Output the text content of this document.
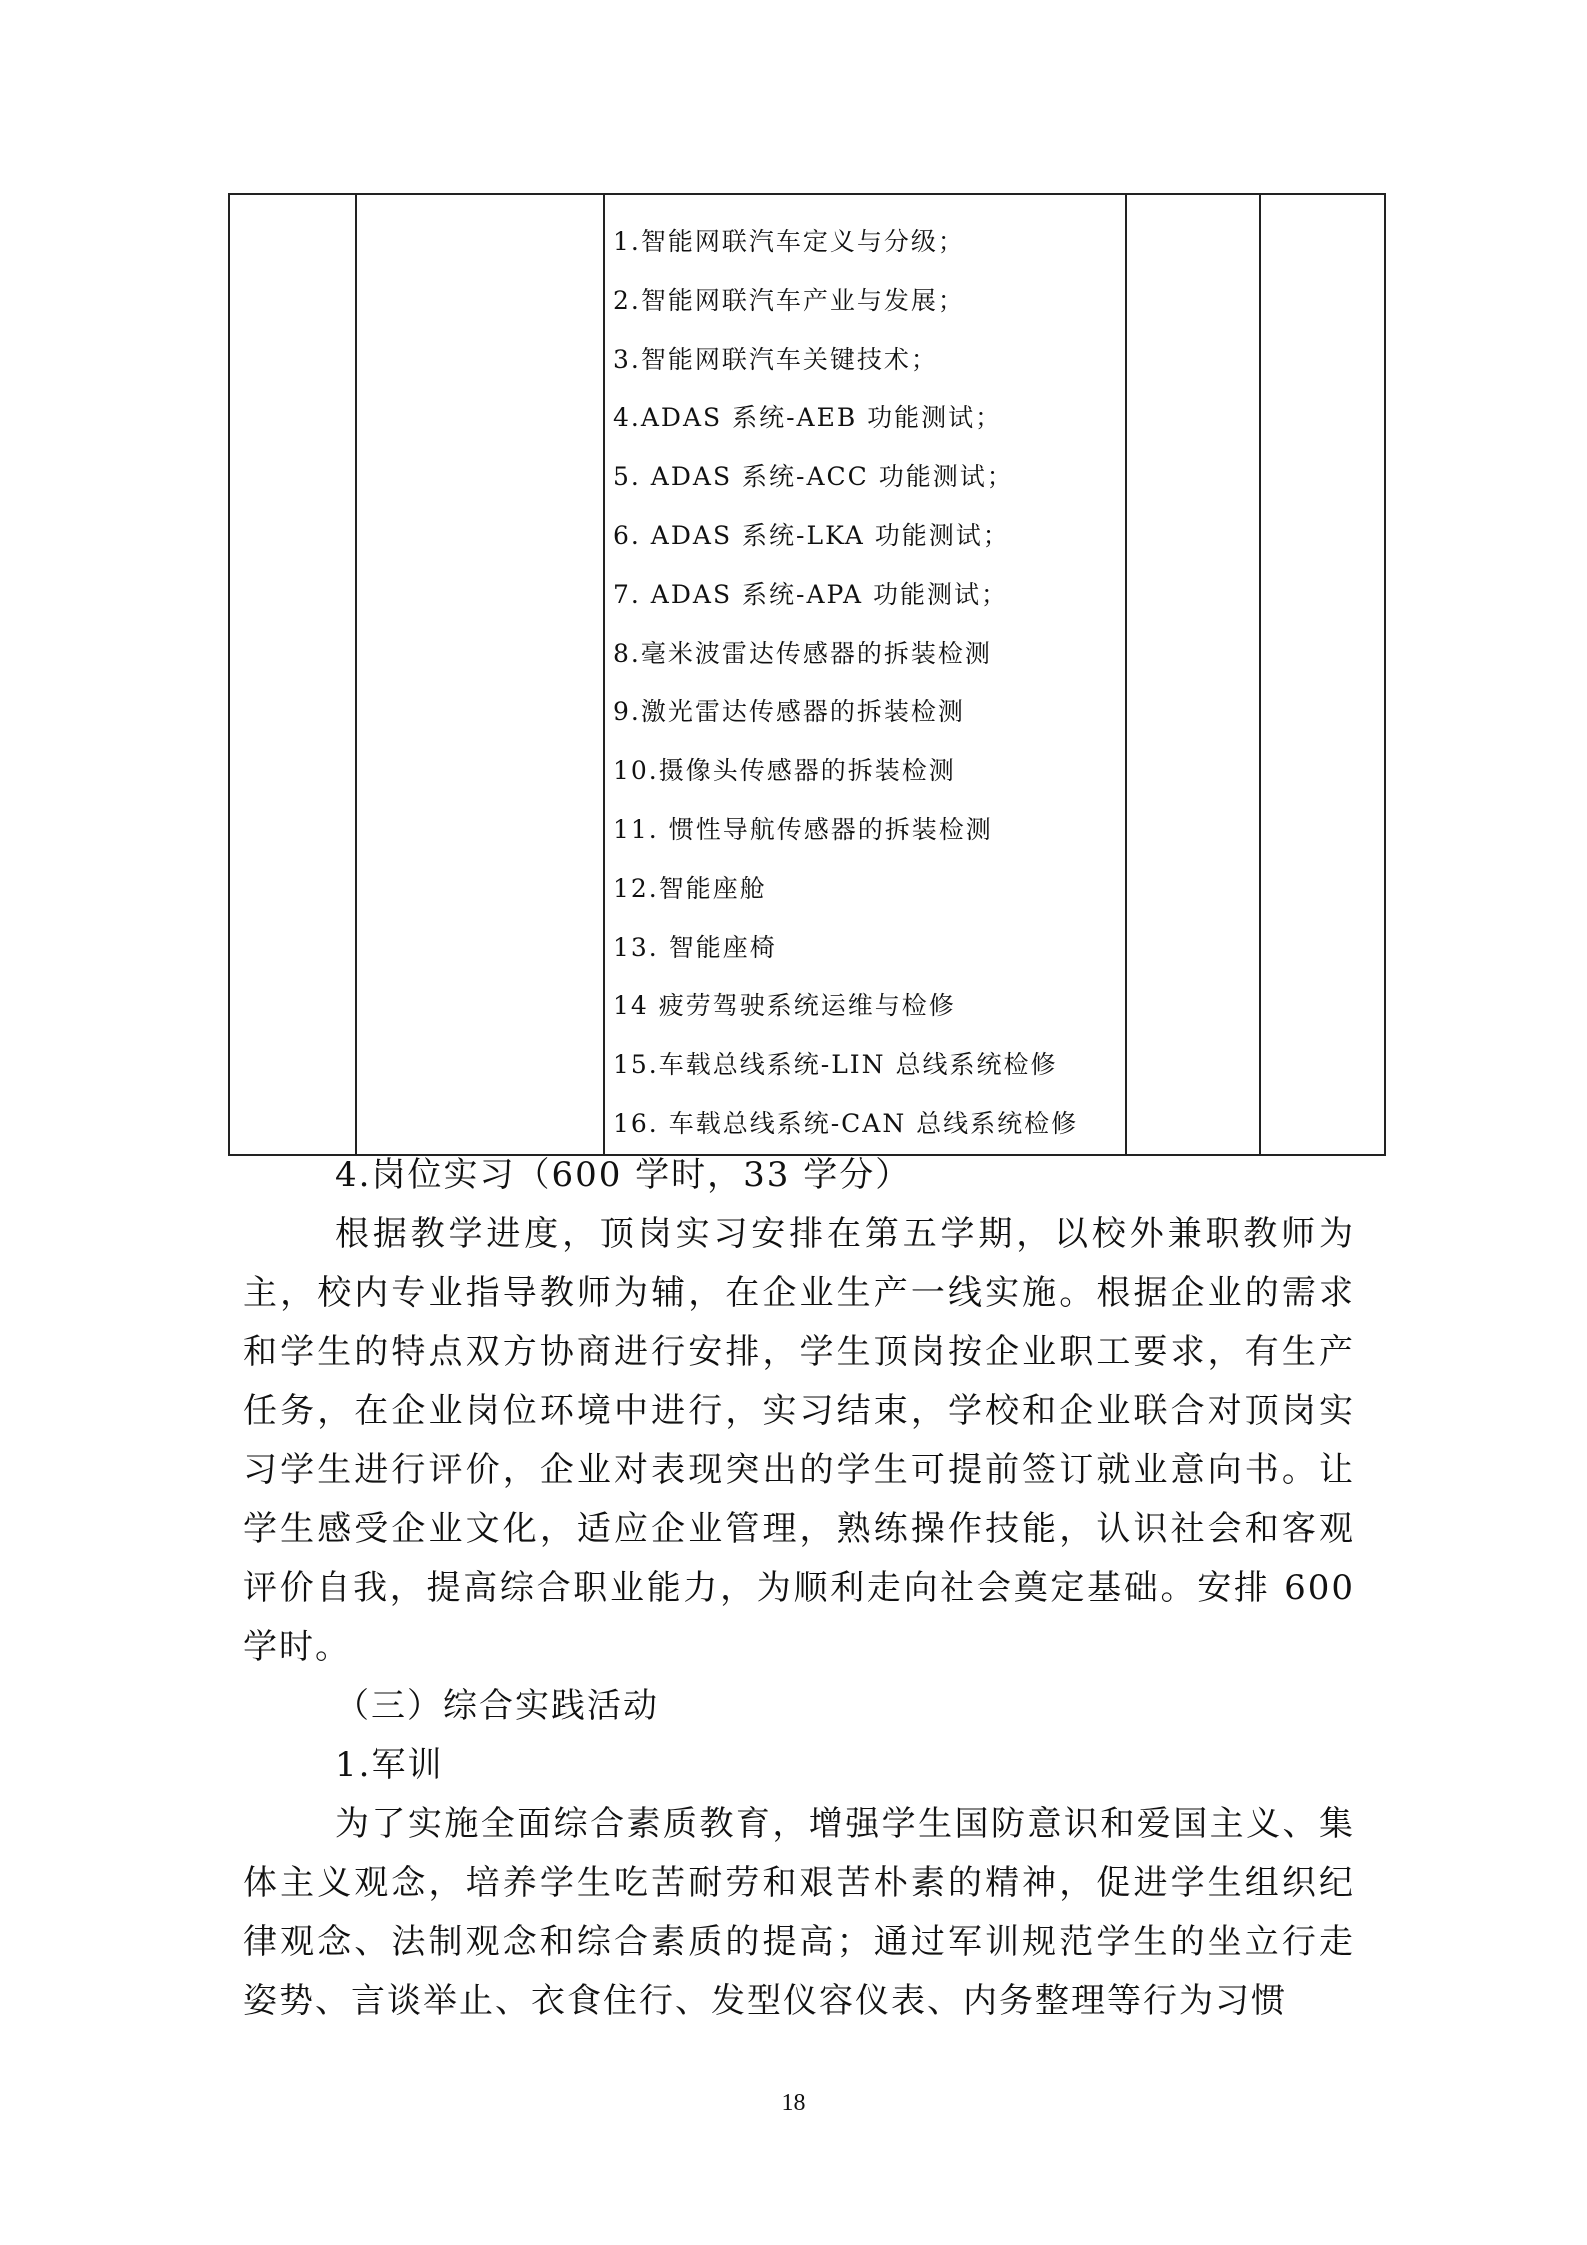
1.智能网联汽车定义与分级；
2.智能网联汽车产业与发展；
3.智能网联汽车关键技术；
4.ADAS 系统-AEB 功能测试；
5. ADAS 系统-ACC 功能测试；
6. ADAS 系统-LKA 功能测试；
7. ADAS 系统-APA 功能测试；
8.毫米波雷达传感器的拆装检测
9.激光雷达传感器的拆装检测
10.摄像头传感器的拆装检测
11. 惯性导航传感器的拆装检测
12.智能座舱
13. 智能座椅
14 疲劳驾驶系统运维与检修
15.车载总线系统-LIN 总线系统检修
16. 车载总线系统-CAN 总线系统检修

4.岗位实习（600 学时，33 学分）

根据教学进度，顶岗实习安排在第五学期，以校外兼职教师为主，校内专业指导教师为辅，在企业生产一线实施。根据企业的需求和学生的特点双方协商进行安排，学生顶岗按企业职工要求，有生产任务，在企业岗位环境中进行，实习结束，学校和企业联合对顶岗实习学生进行评价，企业对表现突出的学生可提前签订就业意向书。让学生感受企业文化，适应企业管理，熟练操作技能，认识社会和客观评价自我，提高综合职业能力，为顺利走向社会奠定基础。安排 600 学时。

（三）综合实践活动

1.军训

为了实施全面综合素质教育，增强学生国防意识和爱国主义、集体主义观念，培养学生吃苦耐劳和艰苦朴素的精神，促进学生组织纪律观念、法制观念和综合素质的提高；通过军训规范学生的坐立行走姿势、言谈举止、衣食住行、发型仪容仪表、内务整理等行为习惯

18
